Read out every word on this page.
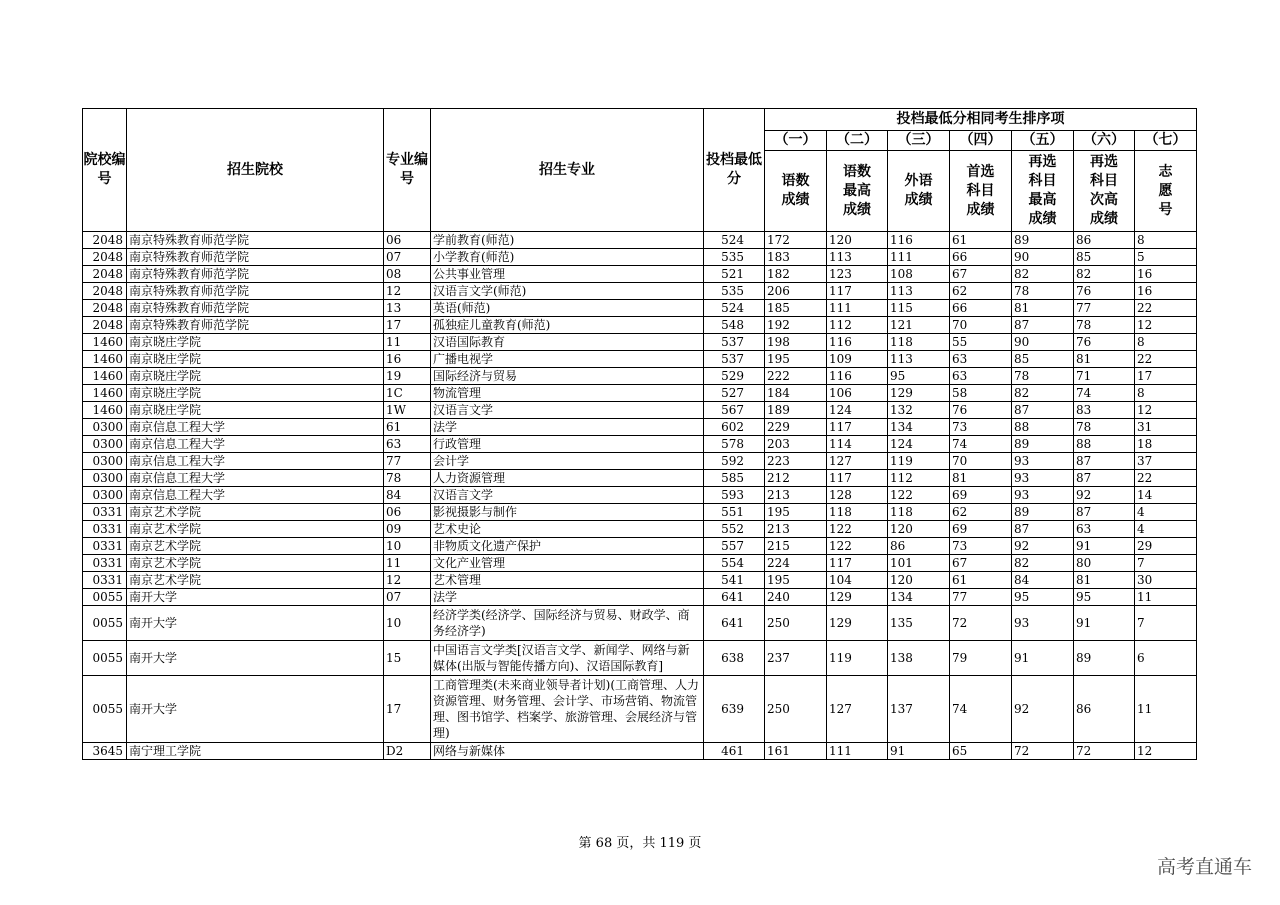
院校编号	招生院校	专业编号	招生专业	投档最低分	投档最低分相同考生排序项						
					（一）	（二）	（三）	（四）	（五）	（六）	（七）
					语数成绩	语数最高成绩	外语成绩	首选科目成绩	再选科目最高成绩	再选科目次高成绩	志愿号
2048	南京特殊教育师范学院	06	学前教育(师范)	524	172	120	116	61	89	86	8
2048	南京特殊教育师范学院	07	小学教育(师范)	535	183	113	111	66	90	85	5
2048	南京特殊教育师范学院	08	公共事业管理	521	182	123	108	67	82	82	16
2048	南京特殊教育师范学院	12	汉语言文学(师范)	535	206	117	113	62	78	76	16
2048	南京特殊教育师范学院	13	英语(师范)	524	185	111	115	66	81	77	22
2048	南京特殊教育师范学院	17	孤独症儿童教育(师范)	548	192	112	121	70	87	78	12
1460	南京晓庄学院	11	汉语国际教育	537	198	116	118	55	90	76	8
1460	南京晓庄学院	16	广播电视学	537	195	109	113	63	85	81	22
1460	南京晓庄学院	19	国际经济与贸易	529	222	116	95	63	78	71	17
1460	南京晓庄学院	1C	物流管理	527	184	106	129	58	82	74	8
1460	南京晓庄学院	1W	汉语言文学	567	189	124	132	76	87	83	12
0300	南京信息工程大学	61	法学	602	229	117	134	73	88	78	31
0300	南京信息工程大学	63	行政管理	578	203	114	124	74	89	88	18
0300	南京信息工程大学	77	会计学	592	223	127	119	70	93	87	37
0300	南京信息工程大学	78	人力资源管理	585	212	117	112	81	93	87	22
0300	南京信息工程大学	84	汉语言文学	593	213	128	122	69	93	92	14
0331	南京艺术学院	06	影视摄影与制作	551	195	118	118	62	89	87	4
0331	南京艺术学院	09	艺术史论	552	213	122	120	69	87	63	4
0331	南京艺术学院	10	非物质文化遗产保护	557	215	122	86	73	92	91	29
0331	南京艺术学院	11	文化产业管理	554	224	117	101	67	82	80	7
0331	南京艺术学院	12	艺术管理	541	195	104	120	61	84	81	30
0055	南开大学	07	法学	641	240	129	134	77	95	95	11
0055	南开大学	10	经济学类(经济学、国际经济与贸易、财政学、商务经济学)	641	250	129	135	72	93	91	7
0055	南开大学	15	中国语言文学类[汉语言文学、新闻学、网络与新媒体(出版与智能传播方向)、汉语国际教育]	638	237	119	138	79	91	89	6
0055	南开大学	17	工商管理类(未来商业领导者计划)(工商管理、人力资源管理、财务管理、会计学、市场营销、物流管理、图书馆学、档案学、旅游管理、会展经济与管理)	639	250	127	137	74	92	86	11
3645	南宁理工学院	D2	网络与新媒体	461	161	111	91	65	72	72	12
第 68 页，共 119 页
高考直通车
